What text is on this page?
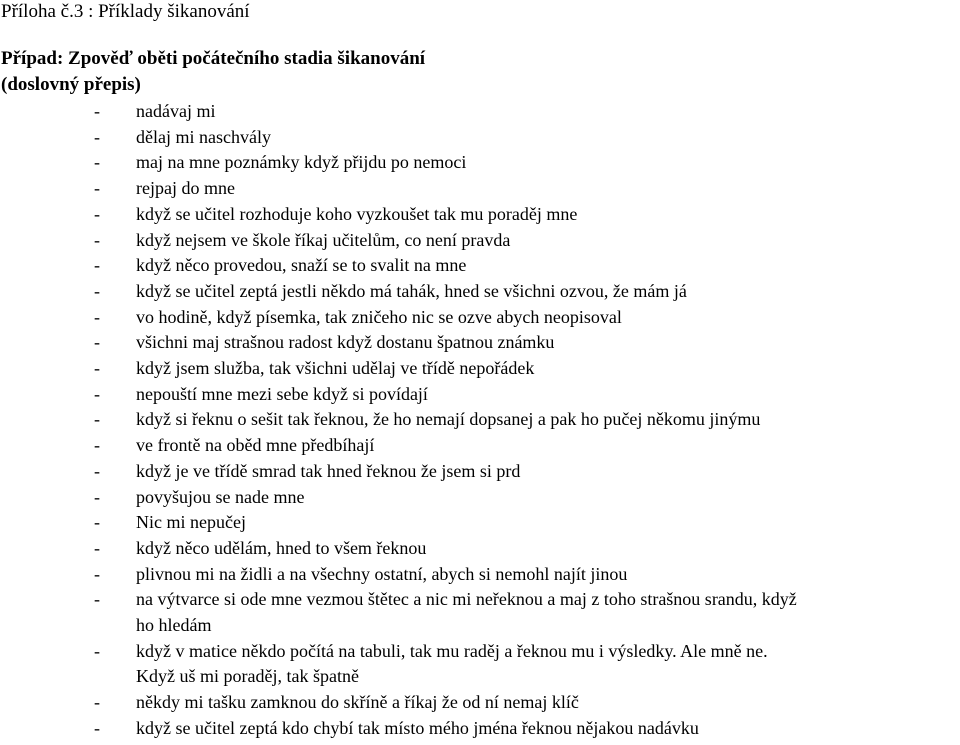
Příloha č.3 : Příklady šikanování
Případ: Zpověď oběti počátečního stadia šikanování
(doslovný přepis)
- nadávaj mi
- dělaj mi naschvály
- maj na mne poznámky když přijdu po nemoci
- rejpaj do mne
- když se učitel rozhoduje koho vyzkoušet tak mu poraděj mne
- když nejsem ve škole říkaj učitelům, co není pravda
- když něco provedou, snaží se to svalit na mne
- když se učitel zeptá jestli někdo má tahák, hned se všichni ozvou, že mám já
- vo hodině, když písemka, tak zničeho nic se ozve abych neopisoval
- všichni maj strašnou radost když dostanu špatnou známku
- když jsem služba, tak všichni udělaj ve třídě nepořádek
- nepouští mne mezi sebe když si povídají
- když si řeknu o sešit tak řeknou, že ho nemají dopsanej a pak ho pučej někomu jinýmu
- ve frontě na oběd mne předbíhají
- když je ve třídě smrad tak hned řeknou že jsem si prd
- povyšujou se nade mne
- Nic mi nepučej
- když něco udělám, hned to všem řeknou
- plivnou mi na židli a na všechny ostatní, abych si nemohl najít jinou
- na výtvarce si ode mne vezmou štětec a nic mi neřeknou a maj z toho strašnou srandu, když
ho hledám
- když v matice někdo počítá na tabuli, tak mu raděj a řeknou mu i výsledky. Ale mně ne.
Když uš mi poraděj, tak špatně
- někdy mi tašku zamknou do skříně a říkaj že od ní nemaj klíč
- když se učitel zeptá kdo chybí tak místo mého jména řeknou nějakou nadávku
